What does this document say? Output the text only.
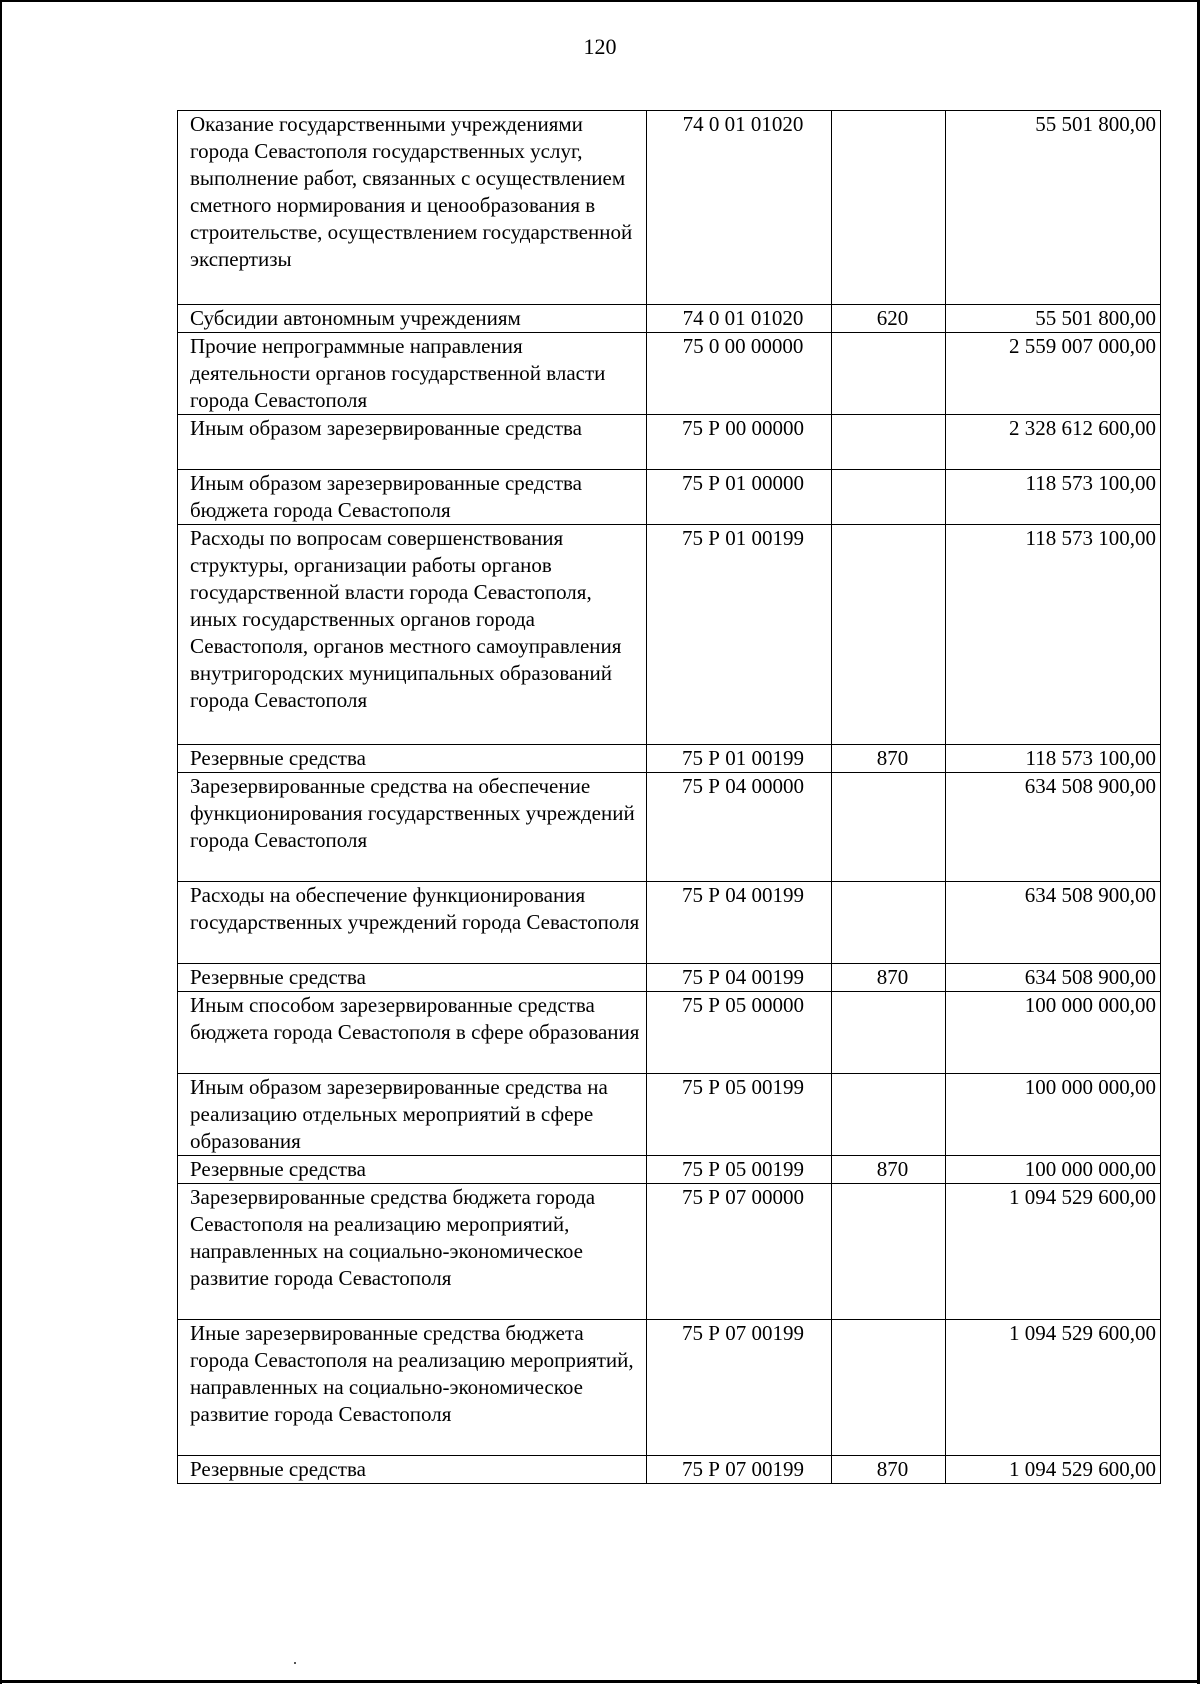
120
Оказание государственными учреждениями города Севастополя государственных услуг, выполнение работ, связанных с осуществлением сметного нормирования и ценообразования в строительстве, осуществлением государственной экспертизы	74 0 01 01020		55 501 800,00
Субсидии автономным учреждениям	74 0 01 01020	620	55 501 800,00
Прочие непрограммные направления деятельности органов государственной власти города Севастополя	75 0 00 00000		2 559 007 000,00
Иным образом зарезервированные средства	75 Р 00 00000		2 328 612 600,00
Иным образом зарезервированные средства бюджета города Севастополя	75 Р 01 00000		118 573 100,00
Расходы по вопросам совершенствования структуры, организации работы органов государственной власти города Севастополя, иных государственных органов города Севастополя, органов местного самоуправления внутригородских муниципальных образований города Севастополя	75 Р 01 00199		118 573 100,00
Резервные средства	75 Р 01 00199	870	118 573 100,00
Зарезервированные средства на обеспечение функционирования государственных учреждений города Севастополя	75 Р 04 00000		634 508 900,00
Расходы на обеспечение функционирования государственных учреждений города Севастополя	75 Р 04 00199		634 508 900,00
Резервные средства	75 Р 04 00199	870	634 508 900,00
Иным способом зарезервированные средства бюджета города Севастополя в сфере образования	75 Р 05 00000		100 000 000,00
Иным образом зарезервированные средства на реализацию отдельных мероприятий в сфере образования	75 Р 05 00199		100 000 000,00
Резервные средства	75 Р 05 00199	870	100 000 000,00
Зарезервированные средства бюджета города Севастополя на реализацию мероприятий, направленных на социально-экономическое развитие города Севастополя	75 Р 07 00000		1 094 529 600,00
Иные зарезервированные средства бюджета города Севастополя на реализацию мероприятий, направленных на социально-экономическое развитие города Севастополя	75 Р 07 00199		1 094 529 600,00
Резервные средства	75 Р 07 00199	870	1 094 529 600,00
